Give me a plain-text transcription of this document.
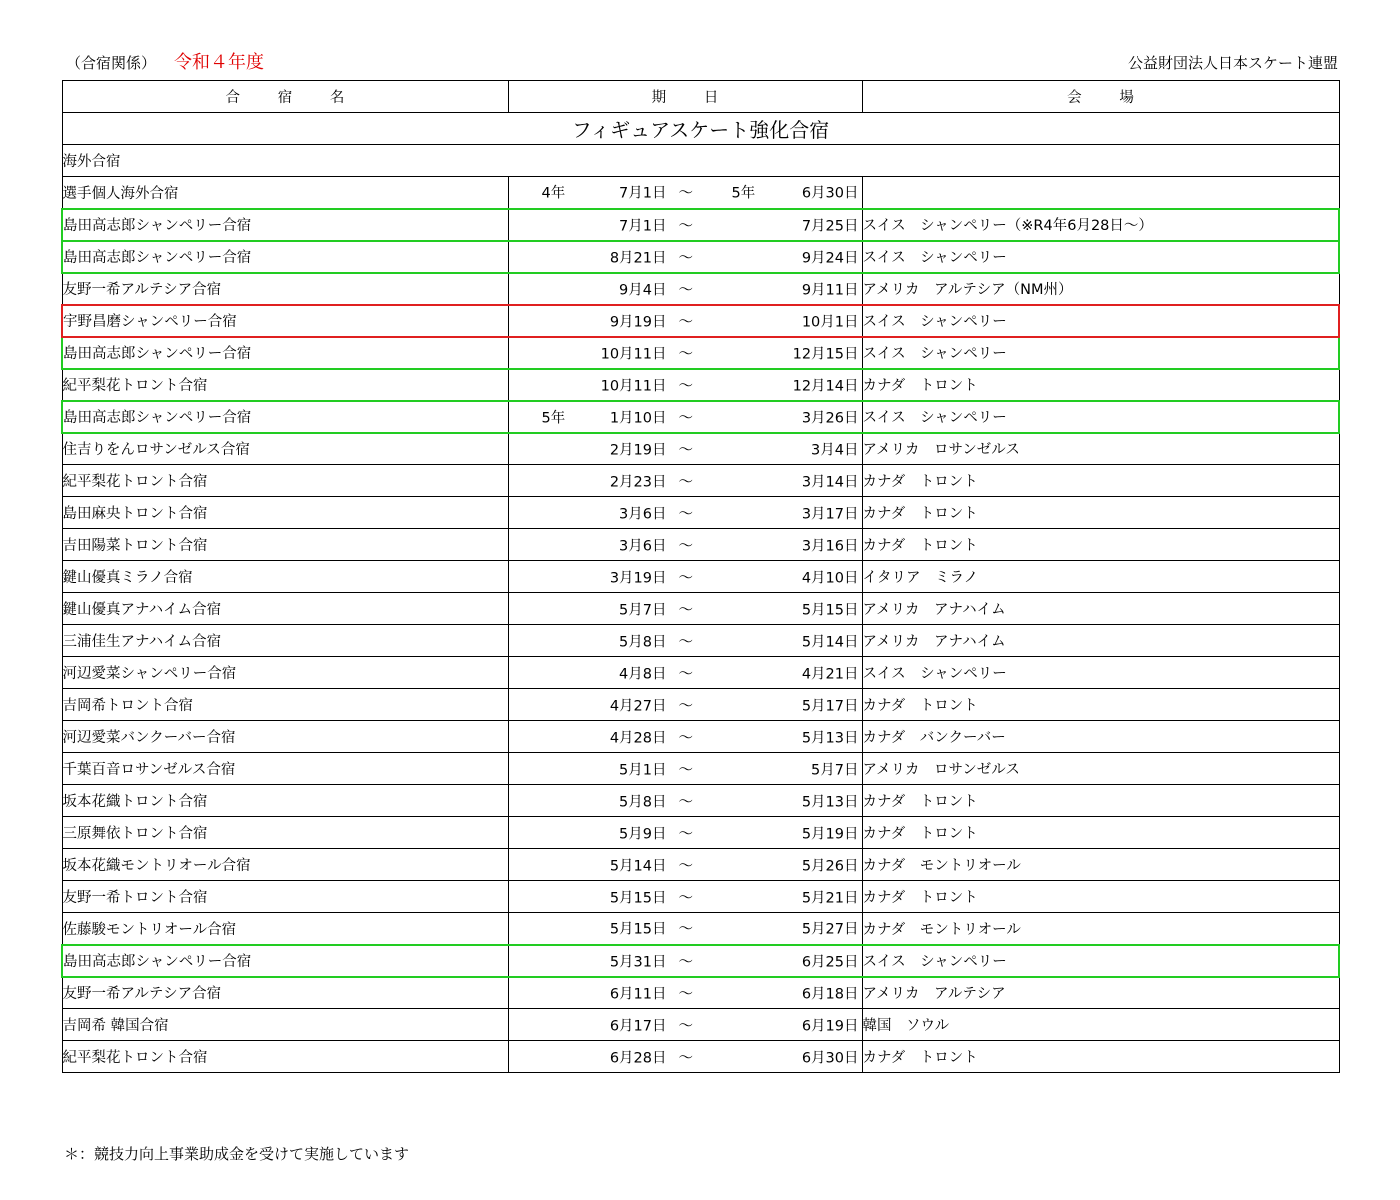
（合宿関係） 令和４年度	公益財団法人日本スケート連盟
合宿名	期日	会場
フィギュアスケート強化合宿		
海外合宿		
選手個人海外合宿	4年 7月1日 〜 5年 6月30日	

島田高志郎シャンペリー合宿	7月1日 〜 7月25日	スイス　シャンペリー（※R4年6月28日〜）
島田高志郎シャンペリー合宿	8月21日 〜 9月24日	スイス　シャンペリー
友野一希アルテシア合宿	9月4日 〜 9月11日	アメリカ　アルテシア（NM州）
宇野昌磨シャンペリー合宿	9月19日 〜 10月1日	スイス　シャンペリー
島田高志郎シャンペリー合宿	10月11日 〜 12月15日	スイス　シャンペリー
紀平梨花トロント合宿	10月11日 〜 12月14日	カナダ　トロント
島田高志郎シャンペリー合宿	5年 1月10日 〜 3月26日	スイス　シャンペリー
住吉りをんロサンゼルス合宿	2月19日 〜 3月4日	アメリカ　ロサンゼルス
紀平梨花トロント合宿	2月23日 〜 3月14日	カナダ　トロント
島田麻央トロント合宿	3月6日 〜 3月17日	カナダ　トロント
吉田陽菜トロント合宿	3月6日 〜 3月16日	カナダ　トロント
鍵山優真ミラノ合宿	3月19日 〜 4月10日	イタリア　ミラノ
鍵山優真アナハイム合宿	5月7日 〜 5月15日	アメリカ　アナハイム
三浦佳生アナハイム合宿	5月8日 〜 5月14日	アメリカ　アナハイム
河辺愛菜シャンペリー合宿	4月8日 〜 4月21日	スイス　シャンペリー
吉岡希トロント合宿	4月27日 〜 5月17日	カナダ　トロント
河辺愛菜バンクーバー合宿	4月28日 〜 5月13日	カナダ　バンクーバー
千葉百音ロサンゼルス合宿	5月1日 〜 5月7日	アメリカ　ロサンゼルス
坂本花織トロント合宿	5月8日 〜 5月13日	カナダ　トロント
三原舞依トロント合宿	5月9日 〜 5月19日	カナダ　トロント
坂本花織モントリオール合宿	5月14日 〜 5月26日	カナダ　モントリオール
友野一希トロント合宿	5月15日 〜 5月21日	カナダ　トロント
佐藤駿モントリオール合宿	5月15日 〜 5月27日	カナダ　モントリオール
島田高志郎シャンペリー合宿	5月31日 〜 6月25日	スイス　シャンペリー
友野一希アルテシア合宿	6月11日 〜 6月18日	アメリカ　アルテシア
吉岡希 韓国合宿	6月17日 〜 6月19日	韓国　ソウル
紀平梨花トロント合宿	6月28日 〜 6月30日	カナダ　トロント
＊：競技力向上事業助成金を受けて実施しています
